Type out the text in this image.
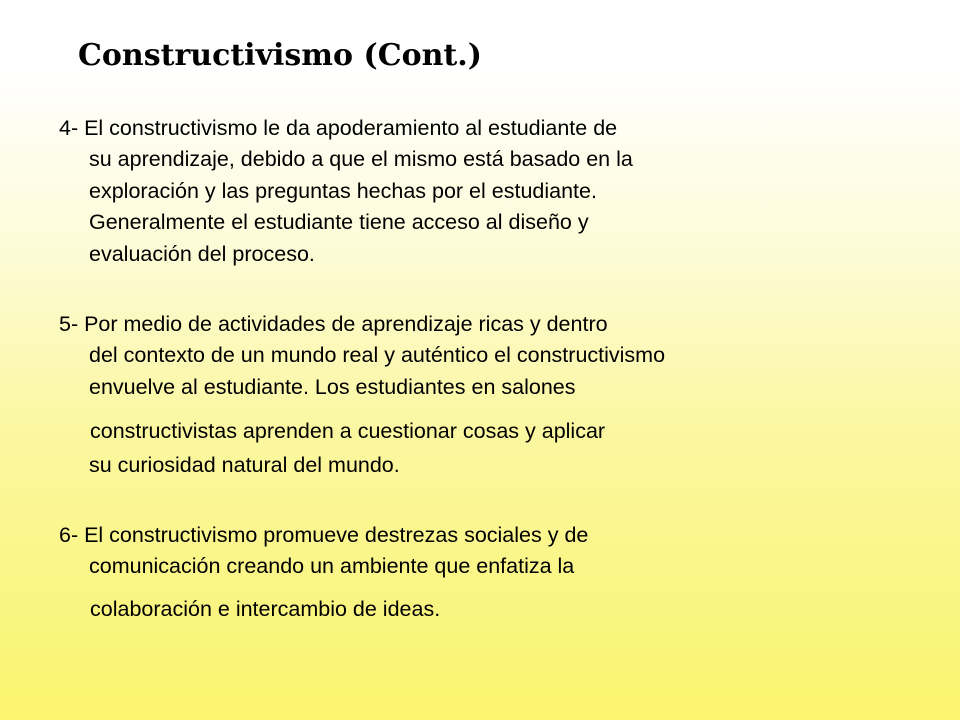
Constructivismo (Cont.)
4- El constructivismo le da apoderamiento al estudiante de
su aprendizaje, debido a que el mismo está basado en la
exploración y las preguntas hechas por el estudiante.
Generalmente el estudiante tiene acceso al diseño y
evaluación del proceso.
5- Por medio de actividades de aprendizaje ricas y dentro
del contexto de un mundo real y auténtico el constructivismo
envuelve al estudiante. Los estudiantes en salones
constructivistas aprenden a cuestionar cosas y aplicar
su curiosidad natural del mundo.
6- El constructivismo promueve destrezas sociales y de
comunicación creando un ambiente que enfatiza la
colaboración e intercambio de ideas.
